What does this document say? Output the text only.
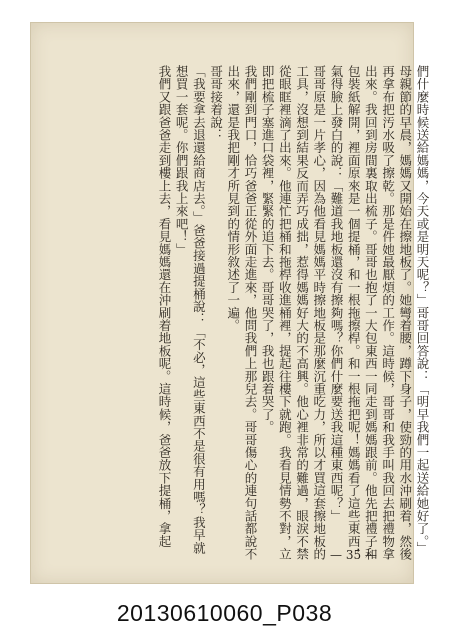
們什麼時候送給媽媽，今天或是明天呢？」哥哥回答說：「明早我們一起送給她好了。」

母親節的早晨，媽媽又開始在擦地板了。她彎着腰，蹲下身子，使勁的用水沖刷着，然後再拿布把汚水吸了擦乾。那是件她最厭煩的工作。這時候，哥哥和我手叫我回去把禮物拿出來。我回到房間裏取出梳子。哥哥也抱了一大包東西一同走到媽媽跟前。他先把禮子和包裝紙解開，裡面原來是一個提桶，和一根拖擦桿。和一根拖把呢！媽媽看了這些東西，氣得臉上發白的說：「難道我地板還沒有擦夠嗎？你們什麼要送我這種東西呢？」

哥哥原是一片孝心，因為他看見媽媽平時擦地板是那麼沉重吃力，所以才買這套擦地板的工具，沒想到結果反而弄巧成拙，惹得媽媽好大的不高興。他心裡非常的難過，眼淚不禁從眼眶裡滴了出來。他連忙把桶和拖桿收進桶裡，提起往樓下就跑。我看見情勢不對，立即把梳子塞進口袋裡，緊緊的追下去。哥哥哭了，我也跟着哭了。

我們剛到門口，恰巧爸爸正從外面走進來，他問我們上那兒去。哥哥傷心的連句話都說不出來，還是我把剛才所見到的情形敘述了一遍。

哥哥接着說：

「我要拿去退還給商店去。」爸爸接過提桶說：「不必，這些東西不是很有用嗎？我早就想買一套呢。你們跟我上來吧！」

我們又跟爸爸走到樓上去，看見媽媽還在沖刷着地板呢。這時候，爸爸放下提桶，拿起

— 35 —
20130610060_P038
